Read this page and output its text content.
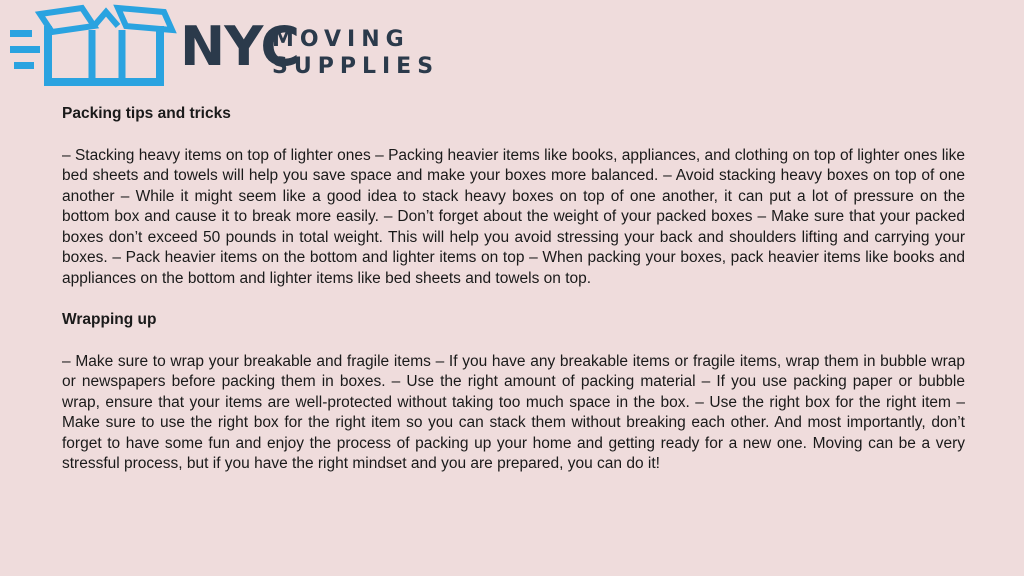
NYC
MOVING
SUPPLIES

Packing tips and tricks

– Stacking heavy items on top of lighter ones – Packing heavier items like books, appliances, and clothing on top of lighter ones like bed sheets and towels will help you save space and make your boxes more balanced. – Avoid stacking heavy boxes on top of one another – While it might seem like a good idea to stack heavy boxes on top of one another, it can put a lot of pressure on the bottom box and cause it to break more easily. – Don’t forget about the weight of your packed boxes – Make sure that your packed boxes don’t exceed 50 pounds in total weight. This will help you avoid stressing your back and shoulders lifting and carrying your boxes. – Pack heavier items on the bottom and lighter items on top – When packing your boxes, pack heavier items like books and appliances on the bottom and lighter items like bed sheets and towels on top.

Wrapping up

– Make sure to wrap your breakable and fragile items – If you have any breakable items or fragile items, wrap them in bubble wrap or newspapers before packing them in boxes. – Use the right amount of packing material – If you use packing paper or bubble wrap, ensure that your items are well-protected without taking too much space in the box. – Use the right box for the right item – Make sure to use the right box for the right item so you can stack them without breaking each other. And most importantly, don’t forget to have some fun and enjoy the process of packing up your home and getting ready for a new one. Moving can be a very stressful process, but if you have the right mindset and you are prepared, you can do it!
